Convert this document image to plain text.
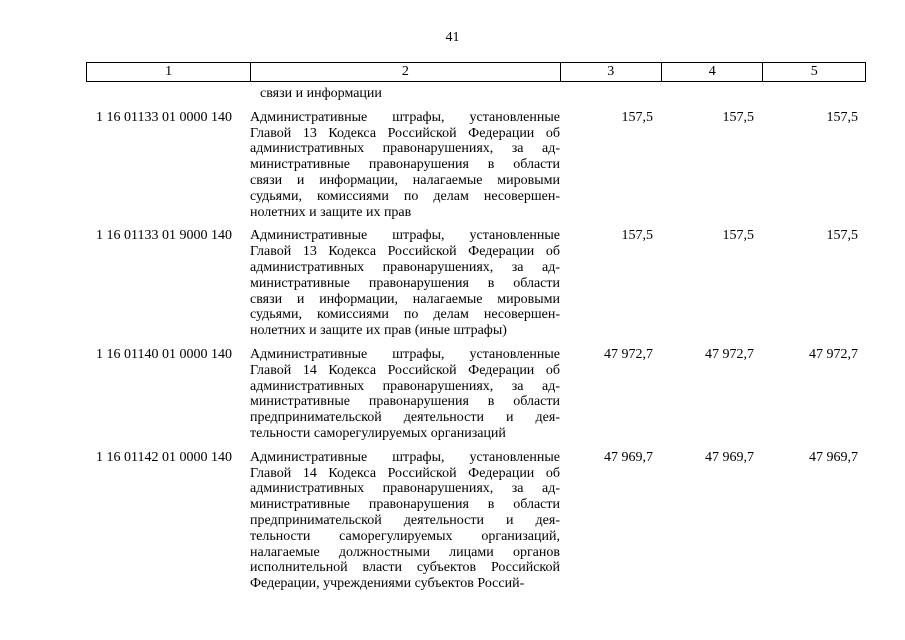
41
1	2	3	4	5
связи и информации
1 16 01133 01 0000 140	Административные штрафы, установленные
Главой 13 Кодекса Российской Федерации об
административных правонарушениях, за ад-
министративные правонарушения в области
связи и информации, налагаемые мировыми
судьями, комиссиями по делам несовершен-
нолетних и защите их прав
157,5	157,5	157,5
1 16 01133 01 9000 140	Административные штрафы, установленные
Главой 13 Кодекса Российской Федерации об
административных правонарушениях, за ад-
министративные правонарушения в области
связи и информации, налагаемые мировыми
судьями, комиссиями по делам несовершен-
нолетних и защите их прав (иные штрафы)
157,5	157,5	157,5
1 16 01140 01 0000 140	Административные штрафы, установленные
Главой 14 Кодекса Российской Федерации об
административных правонарушениях, за ад-
министративные правонарушения в области
предпринимательской деятельности и дея-
тельности саморегулируемых организаций
47 972,7	47 972,7	47 972,7
1 16 01142 01 0000 140	Административные штрафы, установленные
Главой 14 Кодекса Российской Федерации об
административных правонарушениях, за ад-
министративные правонарушения в области
предпринимательской деятельности и дея-
тельности саморегулируемых организаций,
налагаемые должностными лицами органов
исполнительной власти субъектов Российской
Федерации, учреждениями субъектов Россий-
47 969,7	47 969,7	47 969,7
